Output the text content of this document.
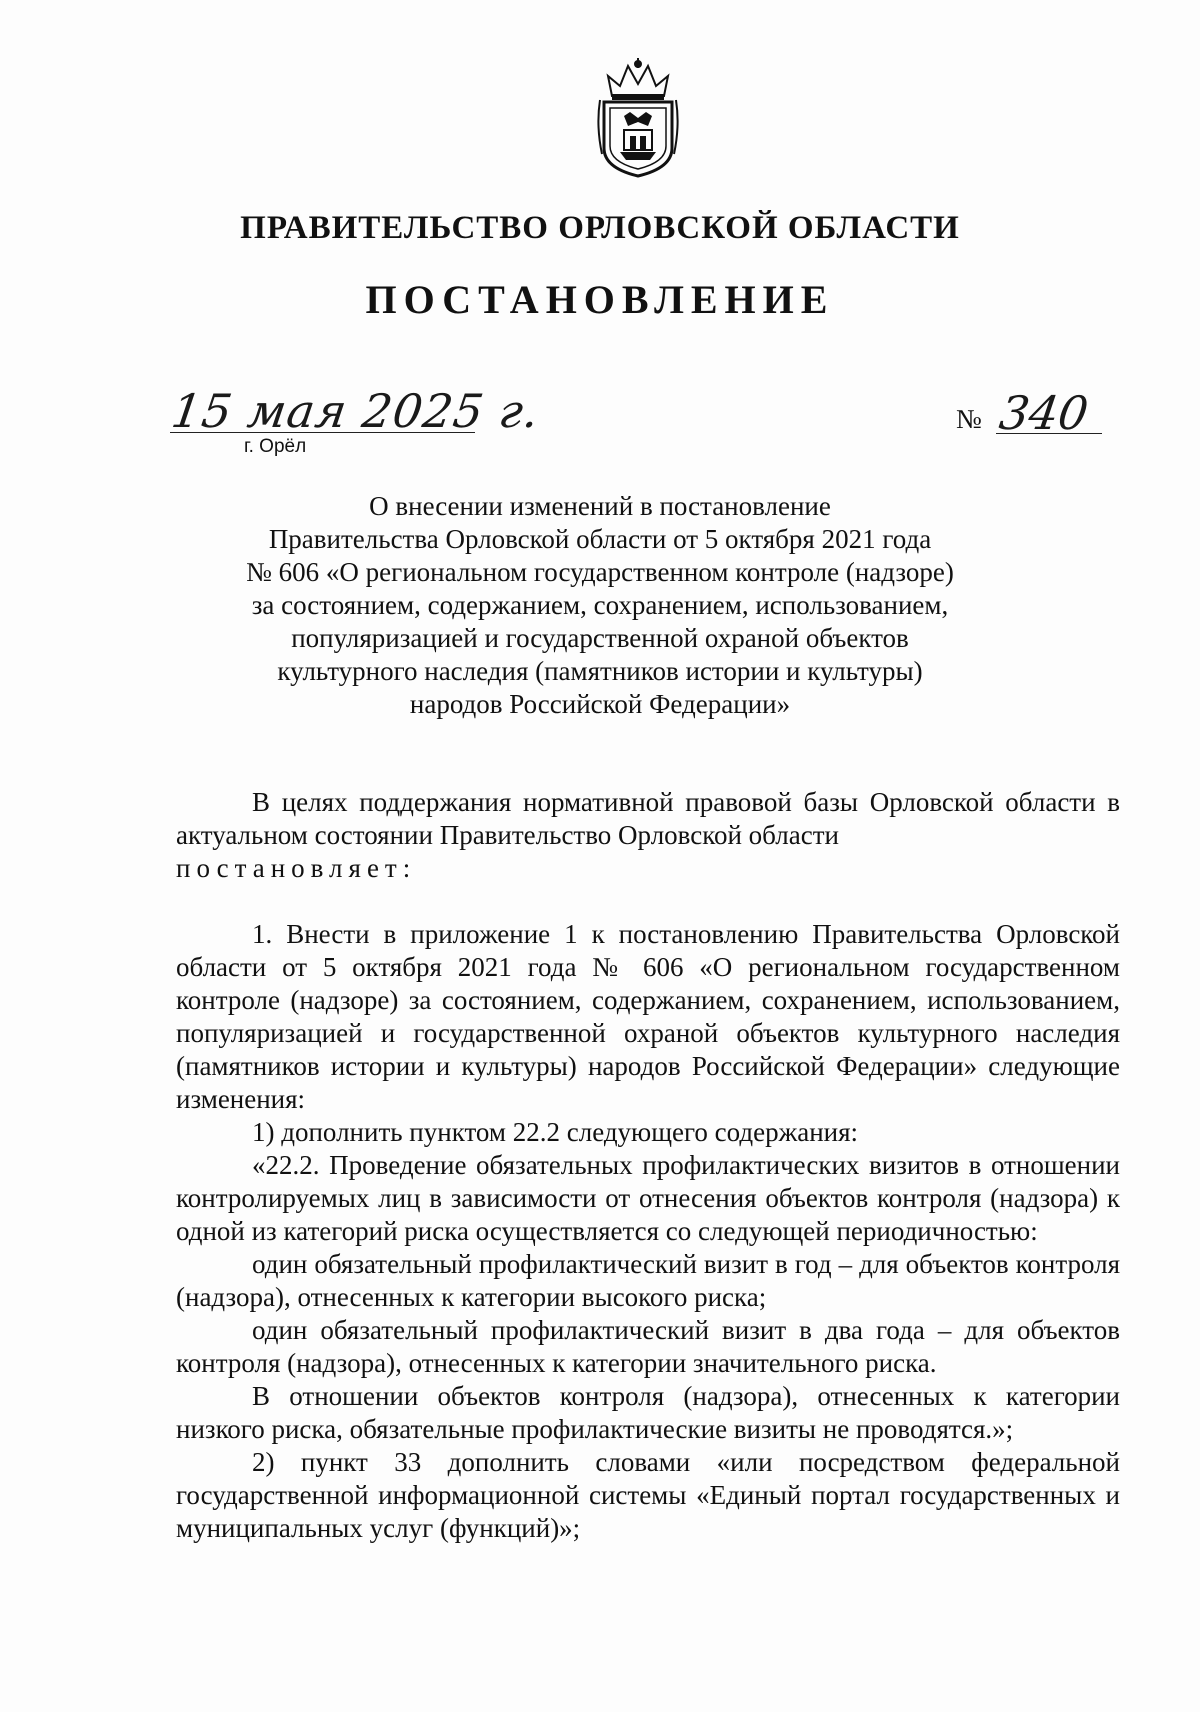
ПРАВИТЕЛЬСТВО ОРЛОВСКОЙ ОБЛАСТИ
ПОСТАНОВЛЕНИЕ
15 мая 2025 г.
г. Орёл
№ 340
О внесении изменений в постановление
Правительства Орловской области от 5 октября 2021 года
№ 606 «О региональном государственном контроле (надзоре)
за состоянием, содержанием, сохранением, использованием,
популяризацией и государственной охраной объектов
культурного наследия (памятников истории и культуры)
народов Российской Федерации»

В целях поддержания нормативной правовой базы Орловской области в актуальном состоянии Правительство Орловской области

постановляет:

1. Внести в приложение 1 к постановлению Правительства Орловской области от 5 октября 2021 года № 606 «О региональном государственном контроле (надзоре) за состоянием, содержанием, сохранением, использованием, популяризацией и государственной охраной объектов культурного наследия (памятников истории и культуры) народов Российской Федерации» следующие изменения:

1) дополнить пунктом 22.2 следующего содержания:

«22.2. Проведение обязательных профилактических визитов в отношении контролируемых лиц в зависимости от отнесения объектов контроля (надзора) к одной из категорий риска осуществляется со следующей периодичностью:

один обязательный профилактический визит в год – для объектов контроля (надзора), отнесенных к категории высокого риска;

один обязательный профилактический визит в два года – для объектов контроля (надзора), отнесенных к категории значительного риска.

В отношении объектов контроля (надзора), отнесенных к категории низкого риска, обязательные профилактические визиты не проводятся.»;

2) пункт 33 дополнить словами «или посредством федеральной государственной информационной системы «Единый портал государственных и муниципальных услуг (функций)»;
